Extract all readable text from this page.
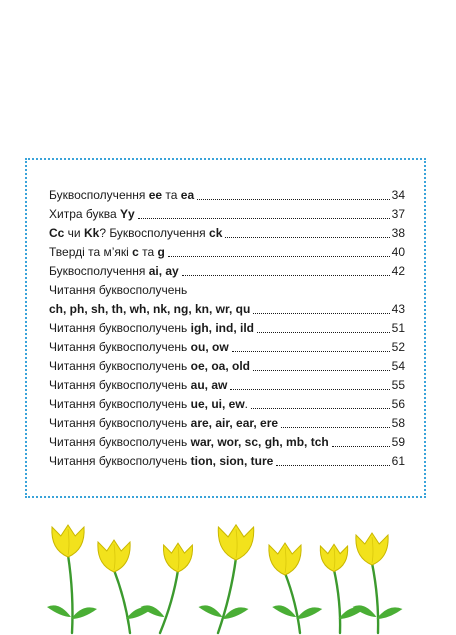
Буквосполучення ее та еа	34
Хитра буква Yy	37
Cc чи Kk? Буквосполучення ck	38
Тверді та м’які c та g	40
Буквосполучення ai, ay	42
Читання буквосполучень
ch, ph, sh, th, wh, nk, ng, kn, wr, qu	43
Читання буквосполучень igh, ind, ild	51
Читання буквосполучень ou, ow	52
Читання буквосполучень oe, oa, old	54
Читання буквосполучень au, aw	55
Читання буквосполучень ue, ui, ew.	56
Читання буквосполучень are, air, ear, ere	58
Читання буквосполучень war, wor, sc, gh, mb, tch	59
Читання буквосполучень tion, sion, ture	61
